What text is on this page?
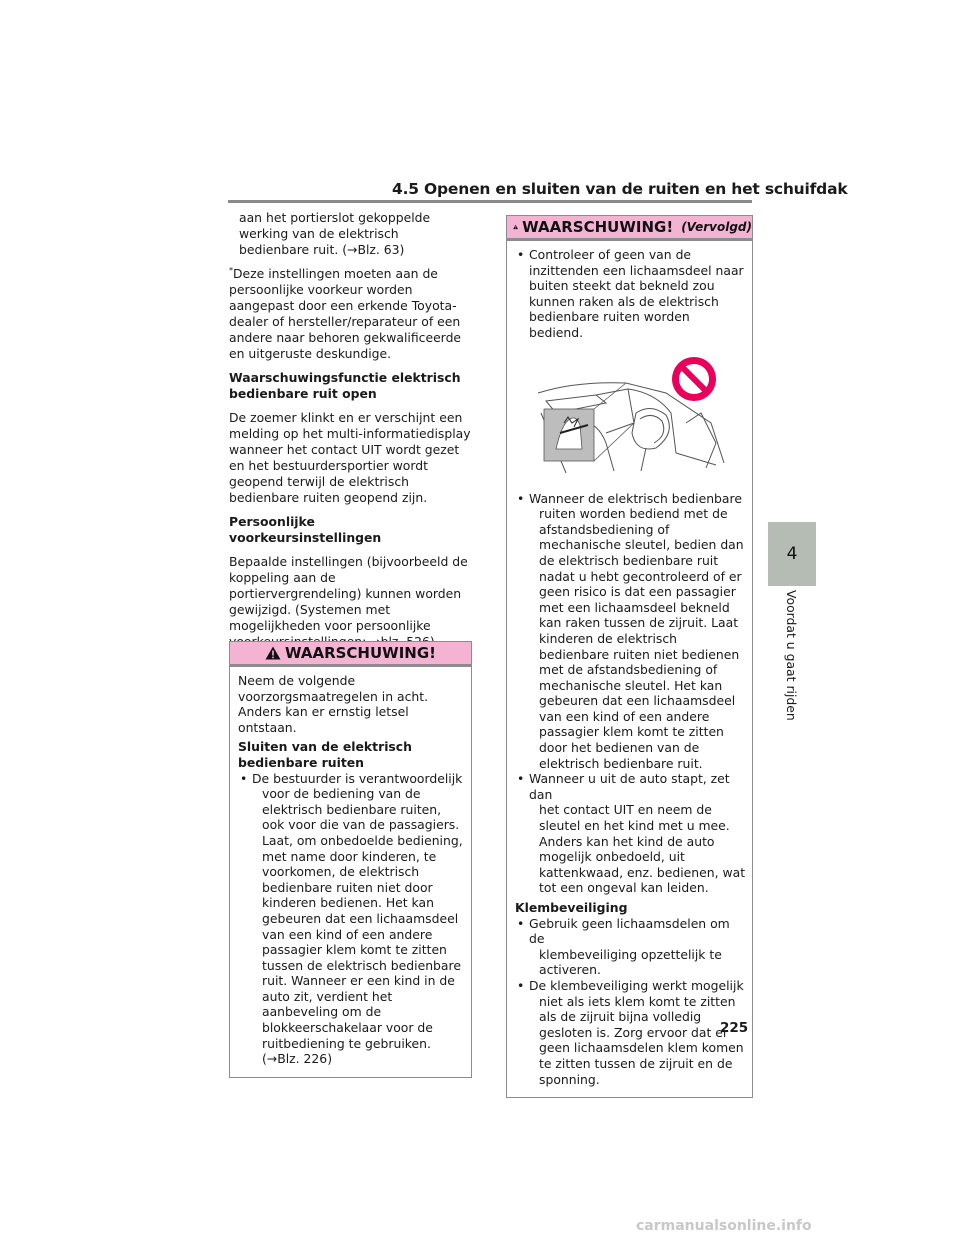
4.5 Openen en sluiten van de ruiten en het schuifdak

aan het portierslot gekoppelde werking van de elektrisch bedienbare ruit. (→Blz. 63)

*Deze instellingen moeten aan de persoonlijke voorkeur worden aangepast door een erkende Toyota-dealer of hersteller/reparateur of een andere naar behoren gekwalificeerde en uitgeruste deskundige.

Waarschuwingsfunctie elektrisch bedienbare ruit open

De zoemer klinkt en er verschijnt een melding op het multi-informatiedisplay wanneer het contact UIT wordt gezet en het bestuurdersportier wordt geopend terwijl de elektrisch bedienbare ruiten geopend zijn.

Persoonlijke voorkeursinstellingen

Bepaalde instellingen (bijvoorbeeld de koppeling aan de portiervergrendeling) kunnen worden gewijzigd. (Systemen met mogelijkheden voor persoonlijke

WAARSCHUWING!

Neem de volgende voorzorgsmaatregelen in acht. Anders kan er ernstig letsel ontstaan.

Sluiten van de elektrisch bedienbare ruiten
• De bestuurder is verantwoordelijk
voor de bediening van de elektrisch bedienbare ruiten, ook voor die van de passagiers. Laat, om onbedoelde bediening, met name door kinderen, te voorkomen, de elektrisch bedienbare ruiten niet door kinderen bedienen. Het kan gebeuren dat een lichaamsdeel van een kind of een andere passagier klem komt te zitten tussen de elektrisch bedienbare ruit. Wanneer er een kind in de auto zit, verdient het aanbeveling om de blokkeerschakelaar voor de ruitbediening te gebruiken. (→Blz. 226)
WAARSCHUWING! (Vervolgd)
• Controleer of geen van de inzittenden een lichaamsdeel naar buiten steekt dat bekneld zou kunnen raken als de elektrisch bedienbare ruiten worden bediend.
• Wanneer de elektrisch bedienbare
ruiten worden bediend met de afstandsbediening of mechanische sleutel, bedien dan de elektrisch bedienbare ruit nadat u hebt gecontroleerd of er geen risico is dat een passagier met een lichaamsdeel bekneld kan raken tussen de zijruit. Laat kinderen de elektrisch bedienbare ruiten niet bedienen met de afstandsbediening of mechanische sleutel. Het kan gebeuren dat een lichaamsdeel van een kind of een andere passagier klem komt te zitten door het bedienen van de elektrisch bedienbare ruit.
• Wanneer u uit de auto stapt, zet dan
het contact UIT en neem de sleutel en het kind met u mee. Anders kan het kind de auto mogelijk onbedoeld, uit kattenkwaad, enz. bedienen, wat tot een ongeval kan leiden.
Klembeveiliging
• Gebruik geen lichaamsdelen om de
klembeveiliging opzettelijk te activeren.
• De klembeveiliging werkt mogelijk
niet als iets klem komt te zitten als de zijruit bijna volledig gesloten is. Zorg ervoor dat er geen lichaamsdelen klem komen te zitten tussen de zijruit en de sponning.
4
Voordat u gaat rijden
225
carmanualsonline.info
